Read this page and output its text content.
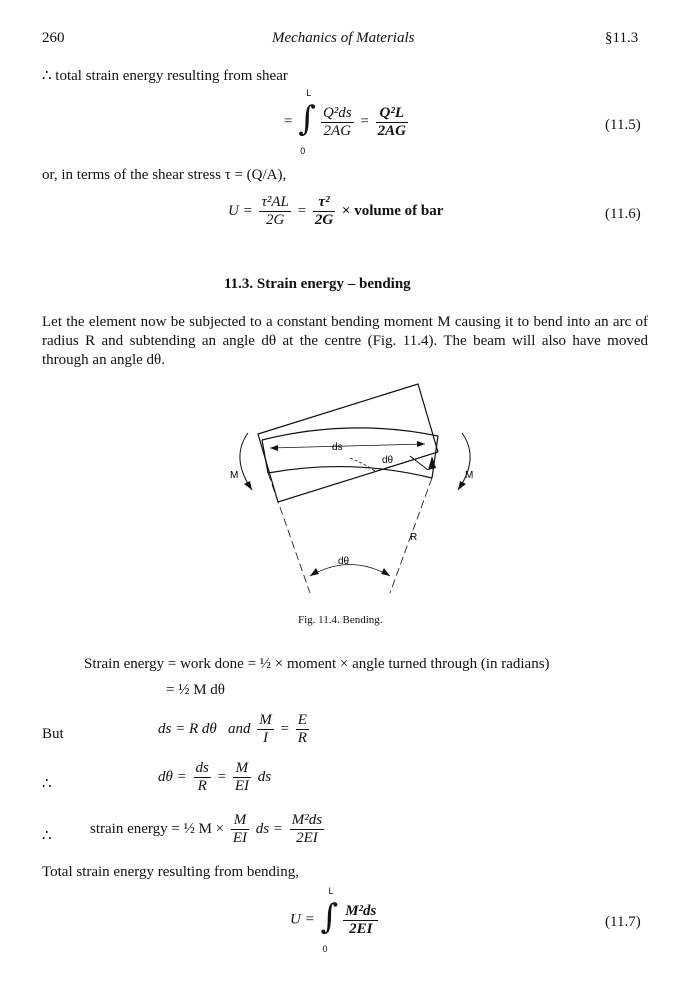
260	Mechanics of Materials	§11.3
∴ total strain energy resulting from shear
= ∫
L
0

$\frac{\text{Q²ds}}{2AG} = \frac{\text{Q²L}}{2AG}$	(11.5)
or, in terms of the shear stress τ = (Q/A),
$U = \frac{\text{τ²AL}}{2G} = \frac{\text{τ²}}{2G}$ × volume of bar	(11.6)
11.3. Strain energy – bending
Let the element now be subjected to a constant bending moment M causing it to bend into an arc of radius R and subtending an angle dθ at the centre (Fig. 11.4). The beam will also have moved through an angle dθ.
ds
dθ
dθ
R
M	M
Fig. 11.4. Bending.
Strain energy = work done = ½ × moment × angle turned through (in radians)
= ½ M dθ
But	ds = R dθ   and $\frac{M}{I} = \frac{E}{R}$
∴	$d\theta = \frac{ds}{R} = \frac{M}{EI}$ ds
∴	strain energy = ½ $M \times \frac{M}{EI}$ ds = $\frac{\text{M²ds}}{2EI}$
Total strain energy resulting from bending,
U = ∫
L
0

$\frac{\text{M²ds}}{2EI}$	(11.7)
